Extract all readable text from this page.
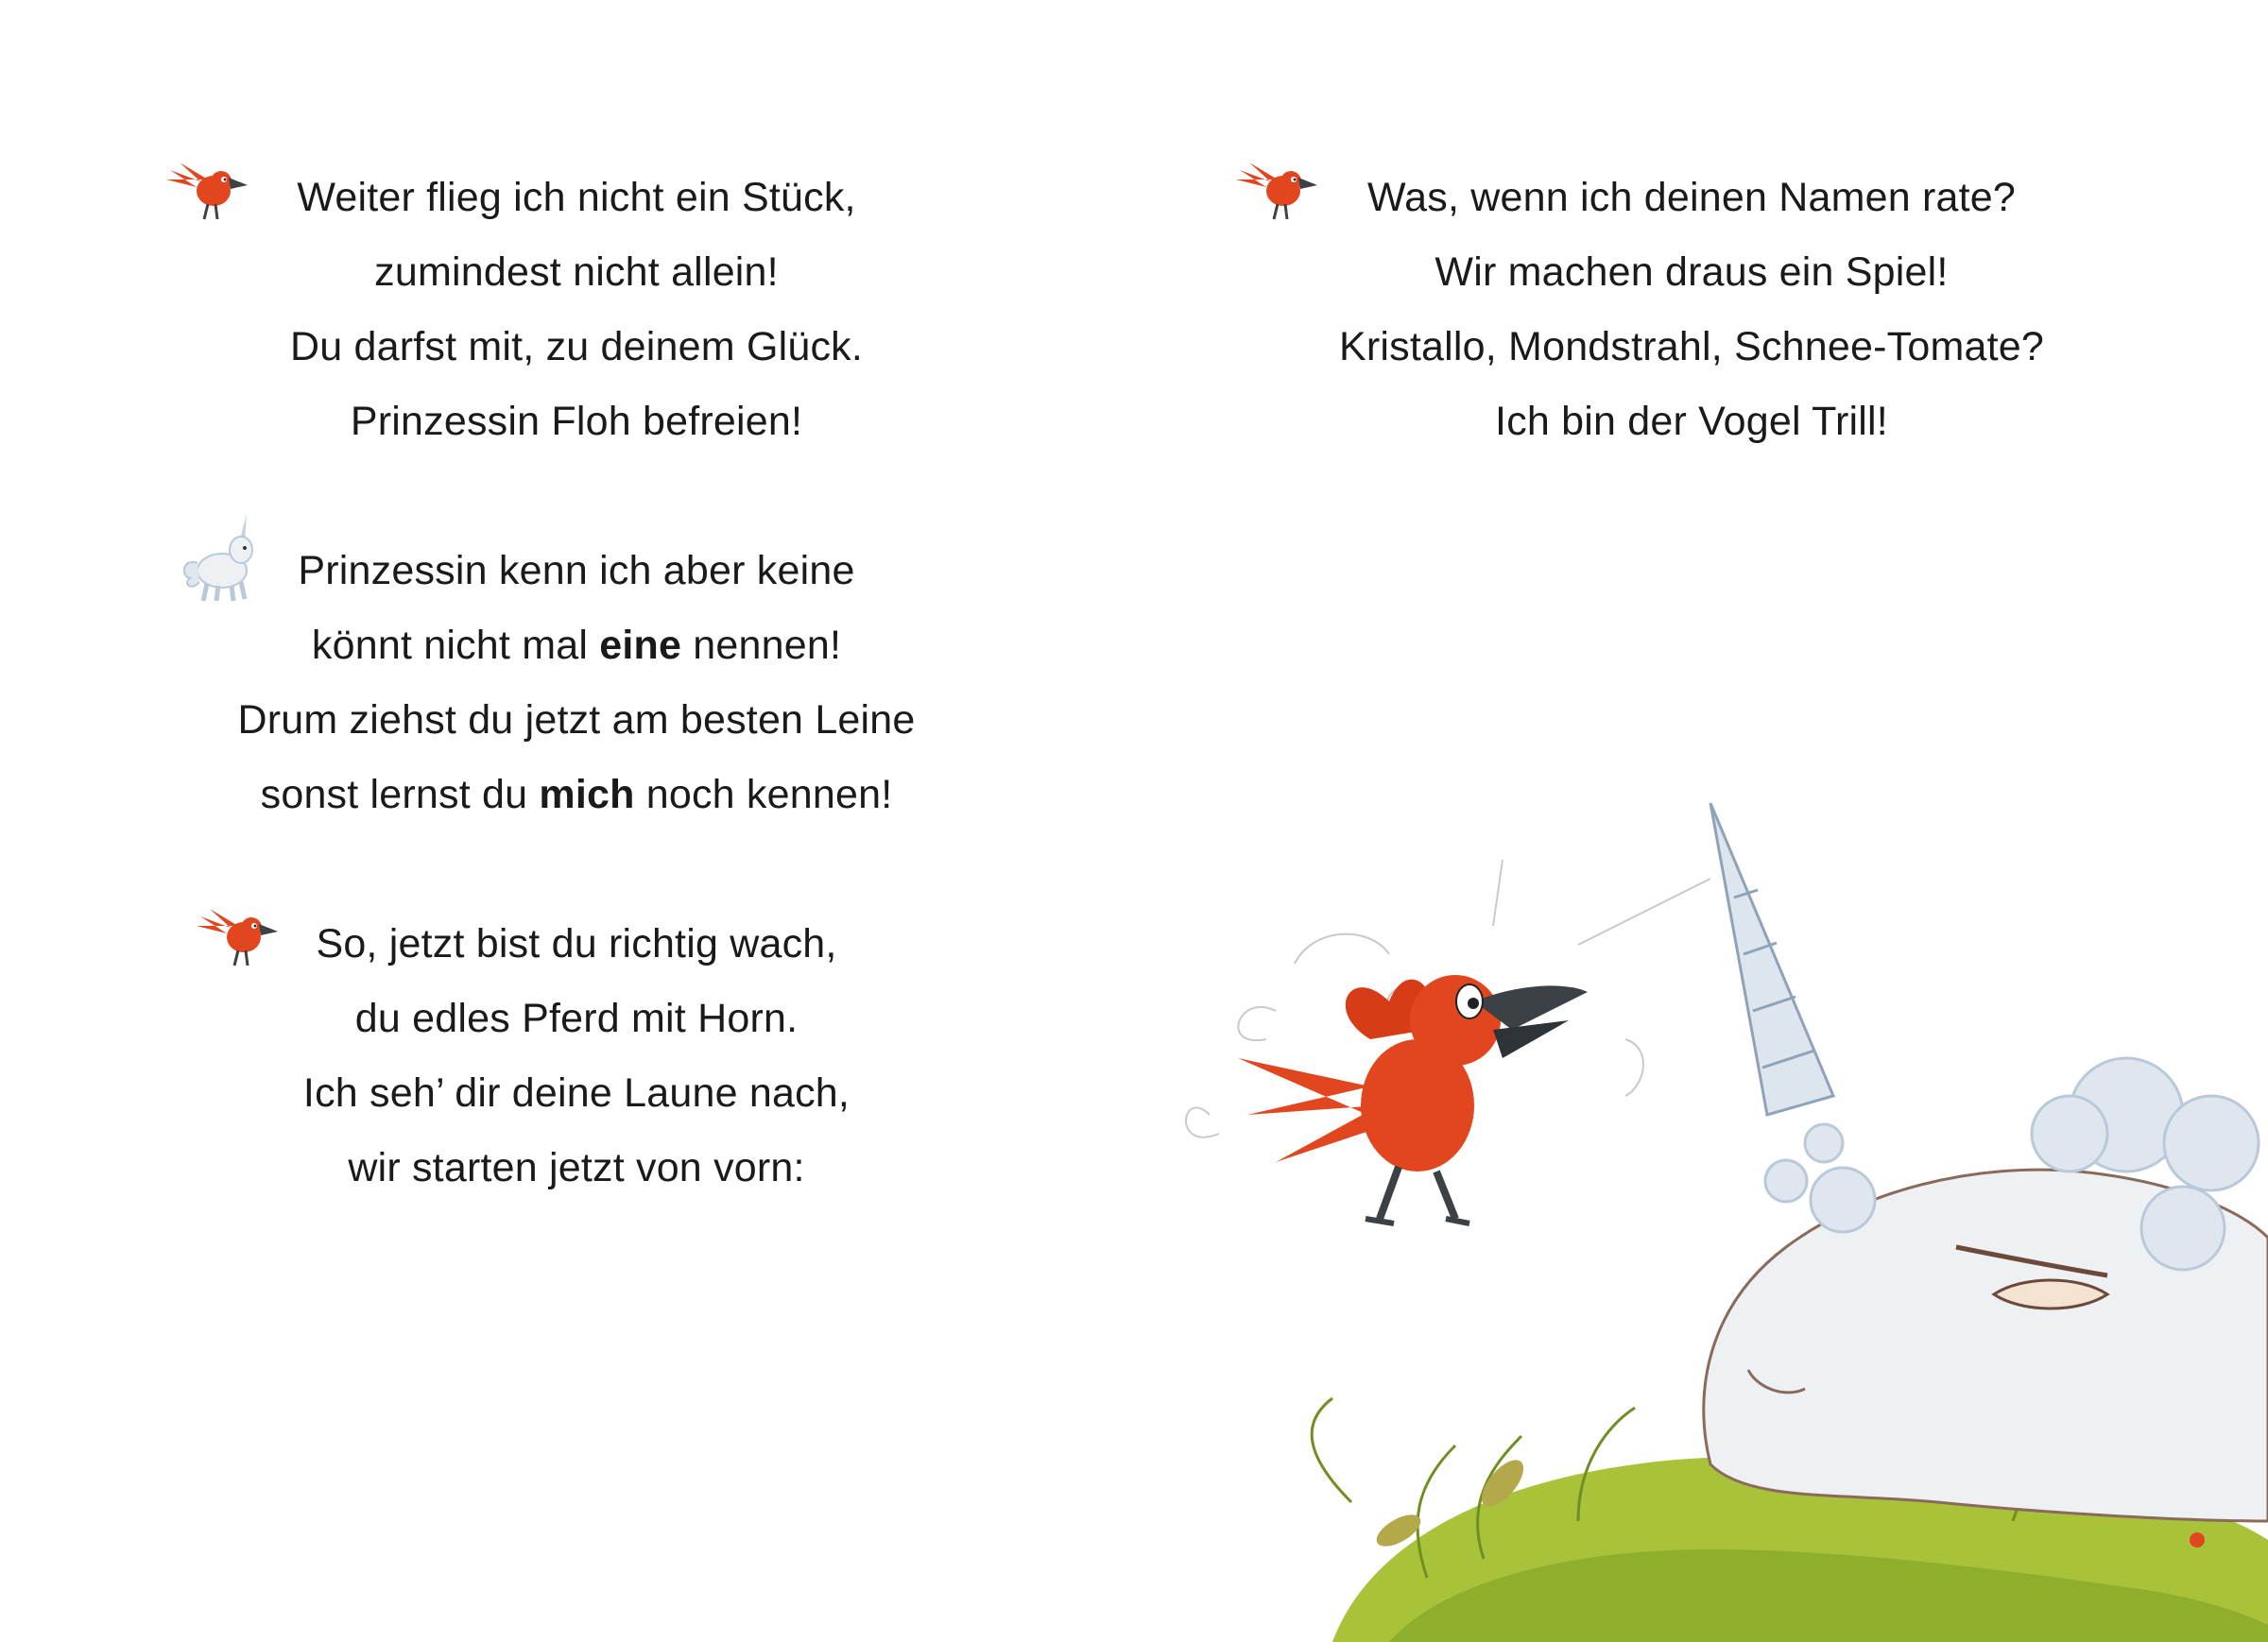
Weiter flieg ich nicht ein Stück,
zumindest nicht allein!
Du darfst mit, zu deinem Glück.
Prinzessin Floh befreien!
Prinzessin kenn ich aber keine
könnt nicht mal eine nennen!
Drum ziehst du jetzt am besten Leine
sonst lernst du mich noch kennen!
So, jetzt bist du richtig wach,
du edles Pferd mit Horn.
Ich seh’ dir deine Laune nach,
wir starten jetzt von vorn:
Was, wenn ich deinen Namen rate?
Wir machen draus ein Spiel!
Kristallo, Mondstrahl, Schnee-Tomate?
Ich bin der Vogel Trill!
